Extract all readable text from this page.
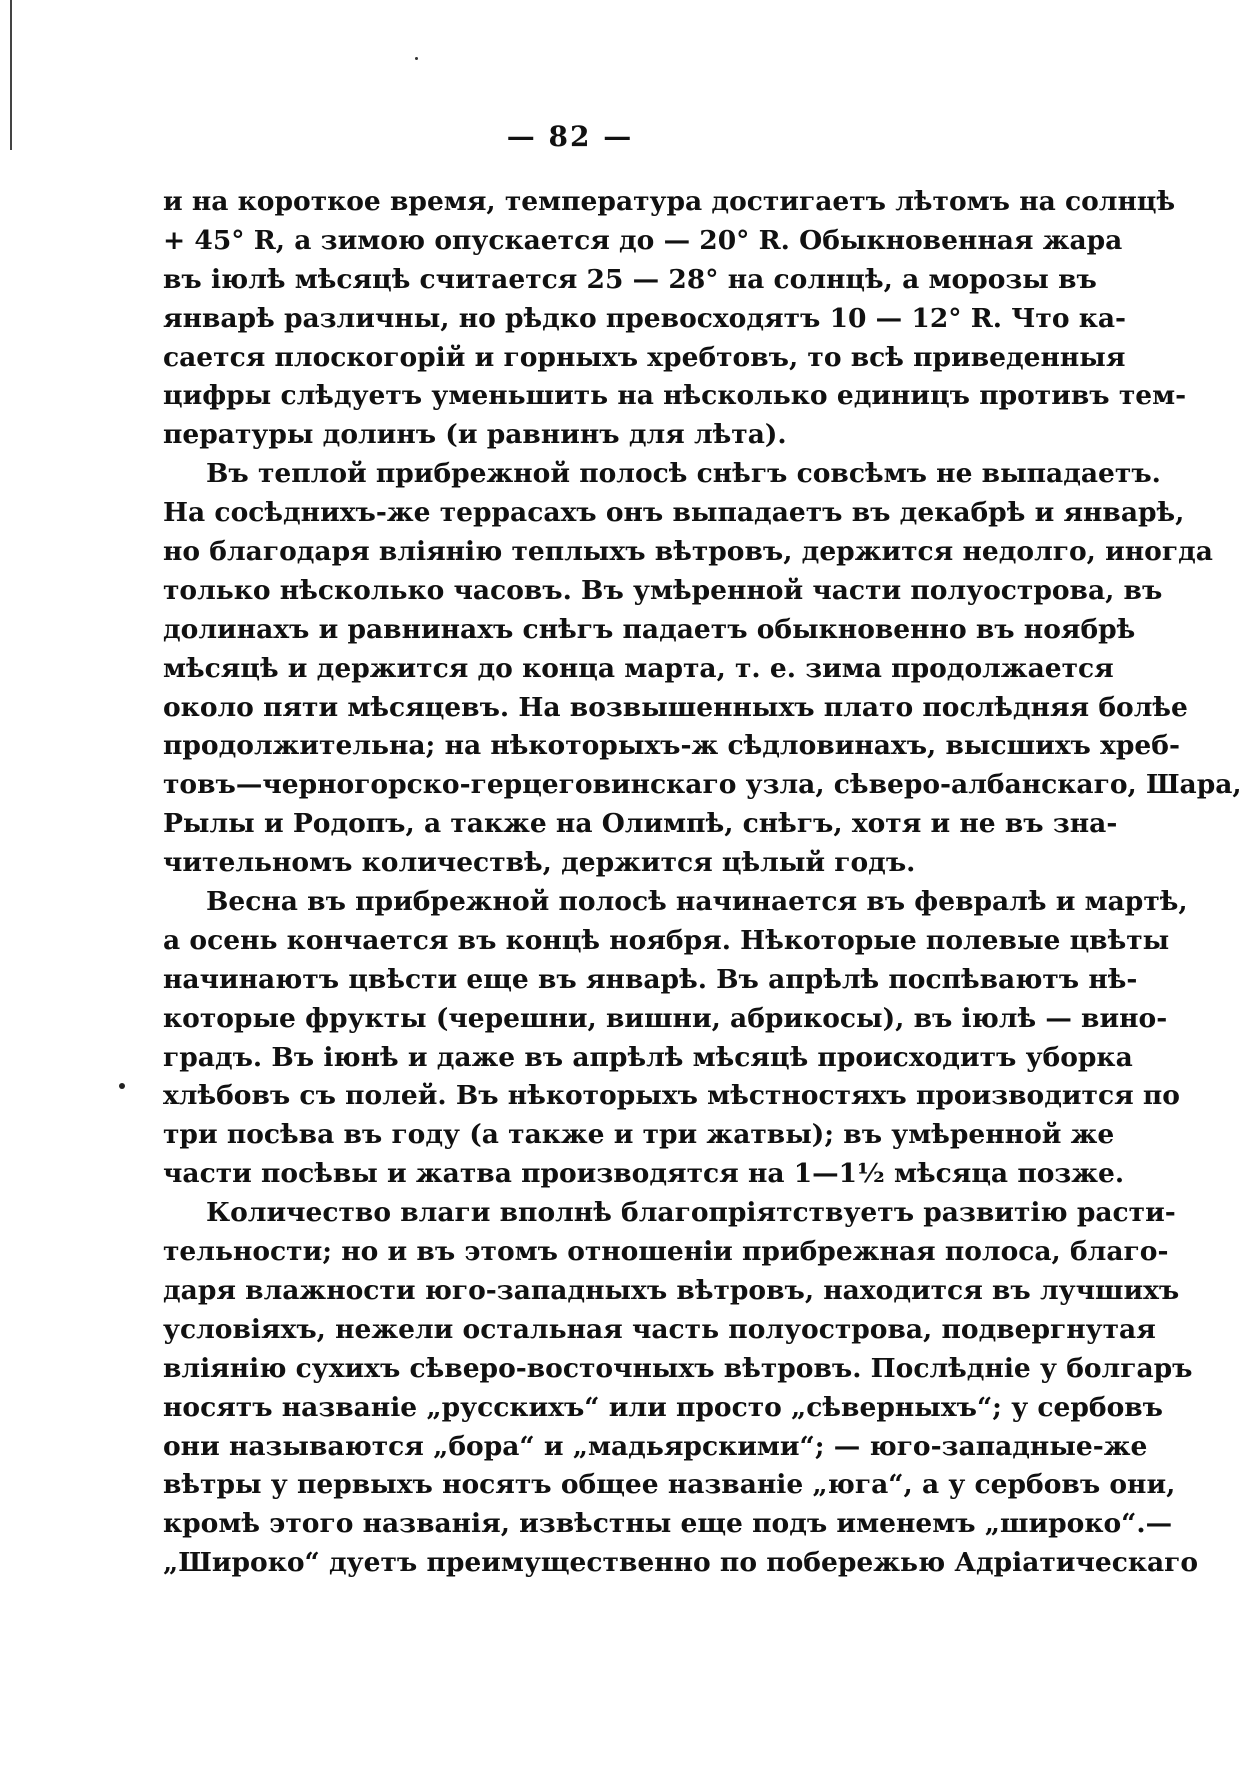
— 82 —
и на короткое время, температура достигаетъ лѣтомъ на солнцѣ
+ 45° R, а зимою опускается до — 20° R. Обыкновенная жара
въ іюлѣ мѣсяцѣ считается 25 — 28° на солнцѣ, а морозы въ
январѣ различны, но рѣдко превосходятъ 10 — 12° R. Что ка-
сается плоскогорій и горныхъ хребтовъ, то всѣ приведенныя
цифры слѣдуетъ уменьшить на нѣсколько единицъ противъ тем-
пературы долинъ (и равнинъ для лѣта).
Въ теплой прибрежной полосѣ снѣгъ совсѣмъ не выпадаетъ.
На сосѣднихъ-же террасахъ онъ выпадаетъ въ декабрѣ и январѣ,
но благодаря вліянію теплыхъ вѣтровъ, держится недолго, иногда
только нѣсколько часовъ. Въ умѣренной части полуострова, въ
долинахъ и равнинахъ снѣгъ падаетъ обыкновенно въ ноябрѣ
мѣсяцѣ и держится до конца марта, т. е. зима продолжается
около пяти мѣсяцевъ. На возвышенныхъ плато послѣдняя болѣе
продолжительна; на нѣкоторыхъ-ж сѣдловинахъ, высшихъ хреб-
товъ—черногорско-герцеговинскаго узла, сѣверо-албанскаго, Шара,
Рылы и Родопъ, а также на Олимпѣ, снѣгъ, хотя и не въ зна-
чительномъ количествѣ, держится цѣлый годъ.
Весна въ прибрежной полосѣ начинается въ февралѣ и мартѣ,
а осень кончается въ концѣ ноября. Нѣкоторые полевые цвѣты
начинаютъ цвѣсти еще въ январѣ. Въ апрѣлѣ поспѣваютъ нѣ-
которые фрукты (черешни, вишни, абрикосы), въ іюлѣ — вино-
градъ. Въ іюнѣ и даже въ апрѣлѣ мѣсяцѣ происходитъ уборка
хлѣбовъ съ полей. Въ нѣкоторыхъ мѣстностяхъ производится по
три посѣва въ году (а также и три жатвы); въ умѣренной же
части посѣвы и жатва производятся на 1—1½ мѣсяца позже.
Количество влаги вполнѣ благопріятствуетъ развитію расти-
тельности; но и въ этомъ отношеніи прибрежная полоса, благо-
даря влажности юго-западныхъ вѣтровъ, находится въ лучшихъ
условіяхъ, нежели остальная часть полуострова, подвергнутая
вліянію сухихъ сѣверо-восточныхъ вѣтровъ. Послѣдніе у болгаръ
носятъ названіе „русскихъ“ или просто „сѣверныхъ“; у сербовъ
они называются „бора“ и „мадьярскими“; — юго-западные-же
вѣтры у первыхъ носятъ общее названіе „юга“, а у сербовъ они,
кромѣ этого названія, извѣстны еще подъ именемъ „широко“.—
„Широко“ дуетъ преимущественно по побережью Адріатическаго
